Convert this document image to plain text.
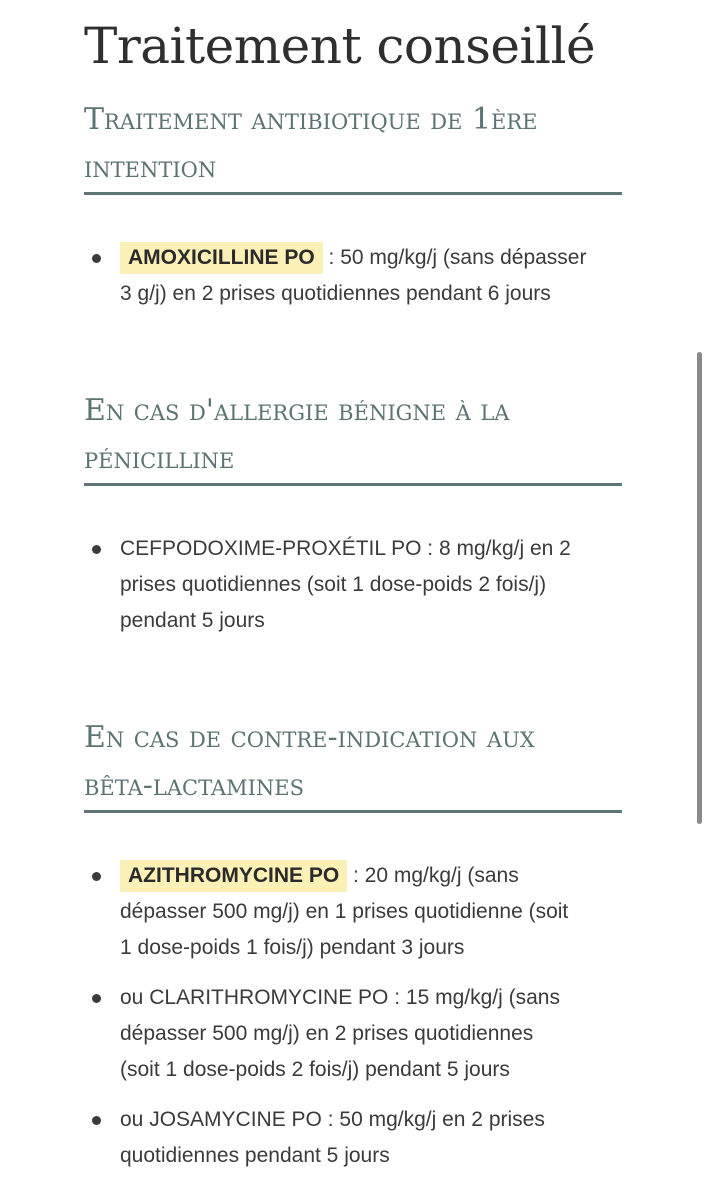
Traitement conseillé
Traitement antibiotique de 1ère
intention
AMOXICILLINE PO : 50 mg/kg/j (sans dépasser
3 g/j) en 2 prises quotidiennes pendant 6 jours
En cas d'allergie bénigne à la
pénicilline
CEFPODOXIME-PROXÉTIL PO : 8 mg/kg/j en 2
prises quotidiennes (soit 1 dose-poids 2 fois/j)
pendant 5 jours
En cas de contre-indication aux
bêta-lactamines
AZITHROMYCINE PO : 20 mg/kg/j (sans
dépasser 500 mg/j) en 1 prises quotidienne (soit
1 dose-poids 1 fois/j) pendant 3 jours
ou CLARITHROMYCINE PO : 15 mg/kg/j (sans
dépasser 500 mg/j) en 2 prises quotidiennes
(soit 1 dose-poids 2 fois/j) pendant 5 jours
ou JOSAMYCINE PO : 50 mg/kg/j en 2 prises
quotidiennes pendant 5 jours
